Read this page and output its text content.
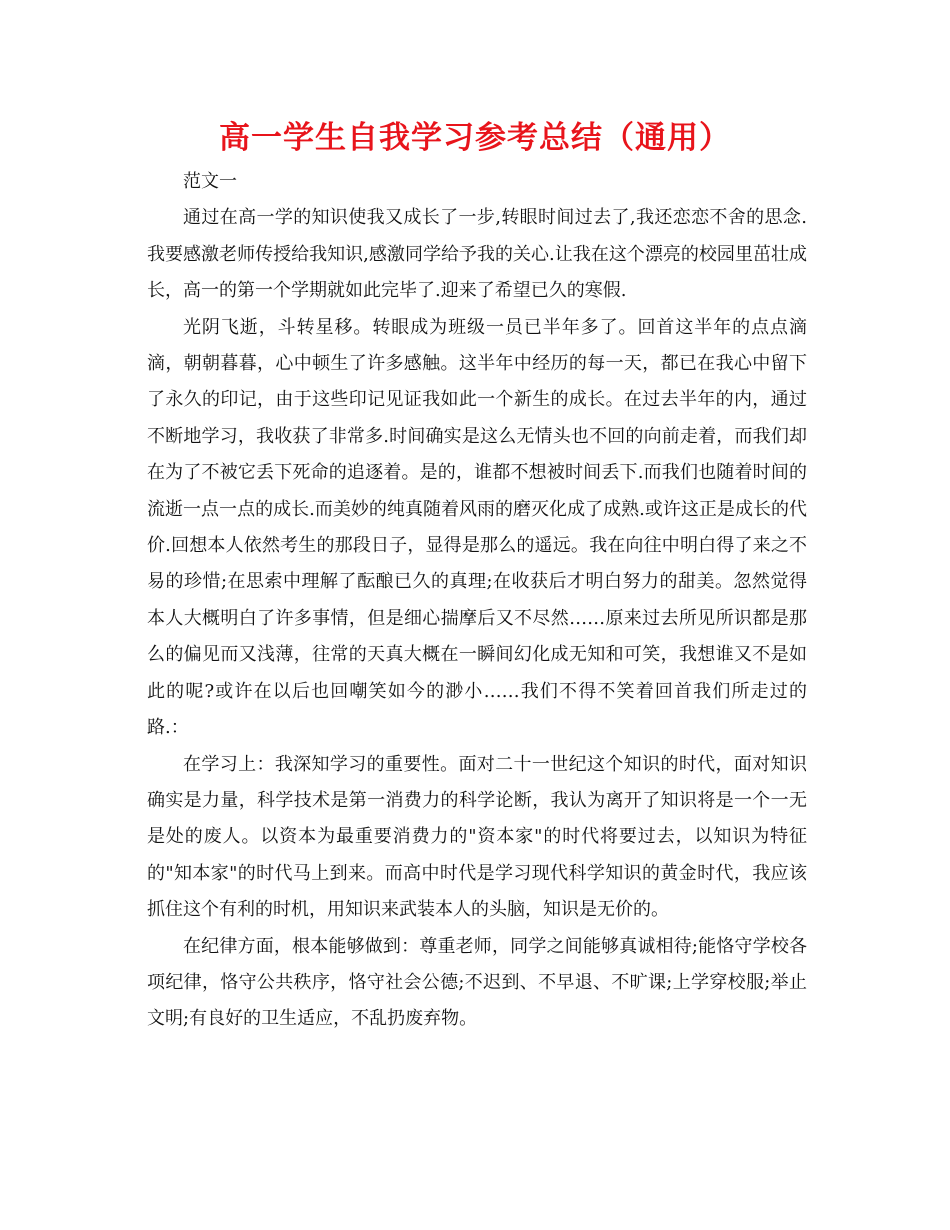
高一学生自我学习参考总结（通用）

范文一

通过在高一学的知识使我又成长了一步,转眼时间过去了,我还恋恋不舍的思念.我要感激老师传授给我知识,感激同学给予我的关心.让我在这个漂亮的校园里茁壮成长，高一的第一个学期就如此完毕了.迎来了希望已久的寒假.

光阴飞逝，斗转星移。转眼成为班级一员已半年多了。回首这半年的点点滴滴，朝朝暮暮，心中顿生了许多感触。这半年中经历的每一天，都已在我心中留下了永久的印记，由于这些印记见证我如此一个新生的成长。在过去半年的内，通过不断地学习，我收获了非常多.时间确实是这么无情头也不回的向前走着，而我们却在为了不被它丢下死命的追逐着。是的，谁都不想被时间丢下.而我们也随着时间的流逝一点一点的成长.而美妙的纯真随着风雨的磨灭化成了成熟.或许这正是成长的代价.回想本人依然考生的那段日子，显得是那么的遥远。我在向往中明白得了来之不易的珍惜;在思索中理解了酝酿已久的真理;在收获后才明白努力的甜美。忽然觉得本人大概明白了许多事情，但是细心揣摩后又不尽然……原来过去所见所识都是那么的偏见而又浅薄，往常的天真大概在一瞬间幻化成无知和可笑，我想谁又不是如此的呢?或许在以后也回嘲笑如今的渺小……我们不得不笑着回首我们所走过的路.：

在学习上：我深知学习的重要性。面对二十一世纪这个知识的时代，面对知识确实是力量，科学技术是第一消费力的科学论断，我认为离开了知识将是一个一无是处的废人。以资本为最重要消费力的"资本家"的时代将要过去，以知识为特征的"知本家"的时代马上到来。而高中时代是学习现代科学知识的黄金时代，我应该抓住这个有利的时机，用知识来武装本人的头脑，知识是无价的。

在纪律方面，根本能够做到：尊重老师，同学之间能够真诚相待;能恪守学校各项纪律，恪守公共秩序，恪守社会公德;不迟到、不早退、不旷课;上学穿校服;举止文明;有良好的卫生适应，不乱扔废弃物。
